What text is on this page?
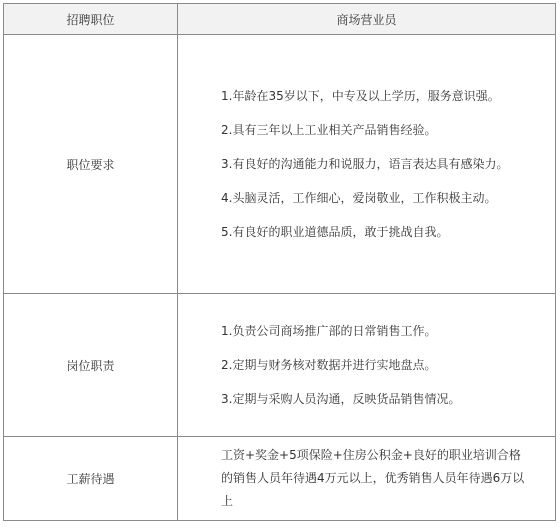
招聘职位	商场营业员
职位要求	1.年龄在35岁以下，中专及以上学历，服务意识强。

2.具有三年以上工业相关产品销售经验。

3.有良好的沟通能力和说服力，语言表达具有感染力。

4.头脑灵活，工作细心，爱岗敬业，工作积极主动。

5.有良好的职业道德品质，敢于挑战自我。

岗位职责	1.负责公司商场推广部的日常销售工作。

2.定期与财务核对数据并进行实地盘点。

3.定期与采购人员沟通，反映货品销售情况。

工薪待遇	工资+奖金+5项保险+住房公积金+良好的职业培训合格的销售人员年待遇4万元以上，优秀销售人员年待遇6万以上
